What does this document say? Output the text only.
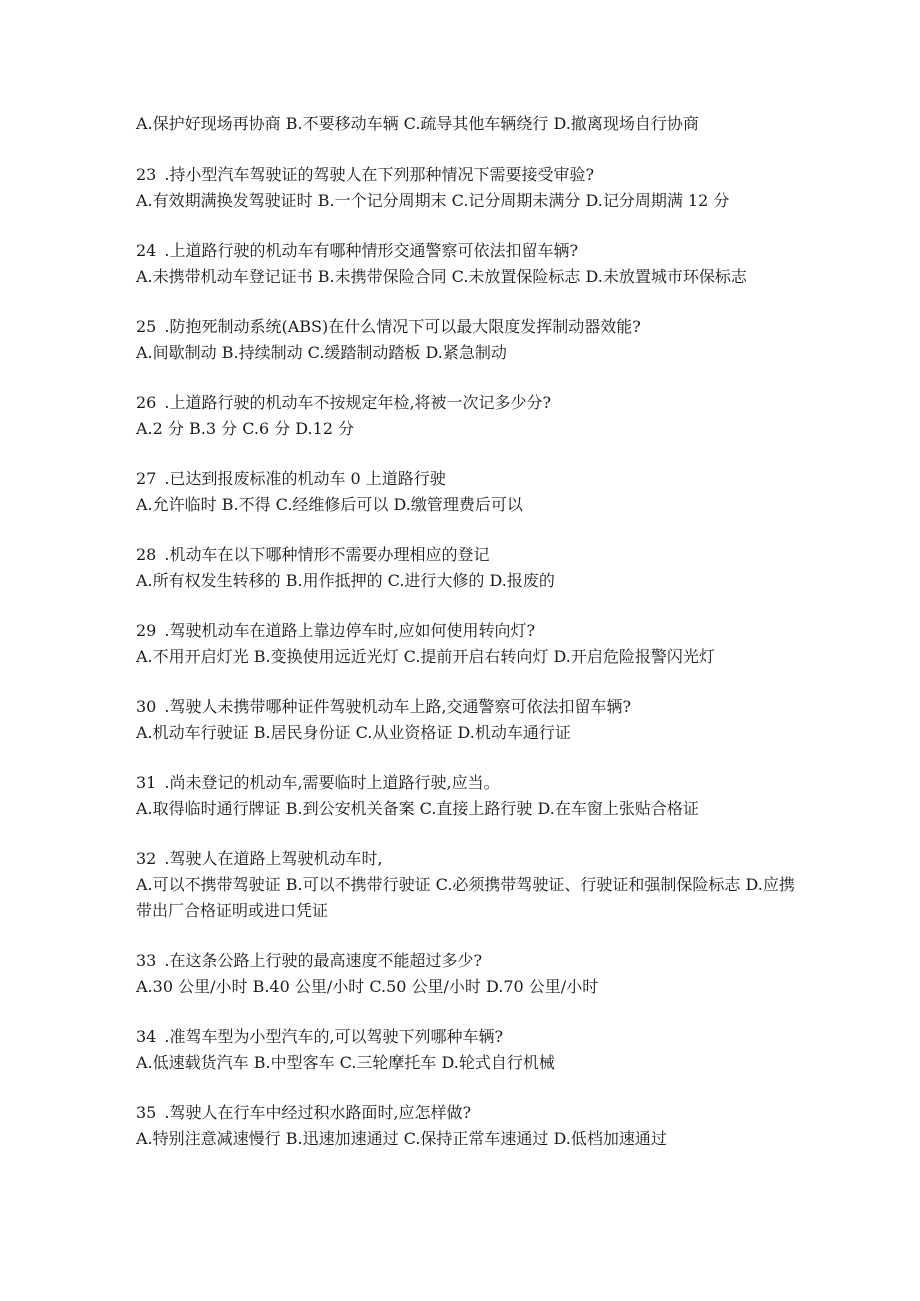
A.保护好现场再协商 B.不要移动车辆 C.疏导其他车辆绕行 D.撤离现场自行协商

23 .持小型汽车驾驶证的驾驶人在下列那种情况下需要接受审验?

A.有效期满换发驾驶证时 B.一个记分周期末 C.记分周期未满分 D.记分周期满 12 分

24 .上道路行驶的机动车有哪种情形交通警察可依法扣留车辆?

A.未携带机动车登记证书 B.未携带保险合同 C.未放置保险标志 D.未放置城市环保标志

25 .防抱死制动系统(ABS)在什么情况下可以最大限度发挥制动器效能?

A.间歇制动 B.持续制动 C.缓踏制动踏板 D.紧急制动

26 .上道路行驶的机动车不按规定年检,将被一次记多少分?

A.2 分 B.3 分 C.6 分 D.12 分

27 .已达到报废标准的机动车 0 上道路行驶

A.允许临时 B.不得 C.经维修后可以 D.缴管理费后可以

28 .机动车在以下哪种情形不需要办理相应的登记

A.所有权发生转移的 B.用作抵押的 C.进行大修的 D.报废的

29 .驾驶机动车在道路上靠边停车时,应如何使用转向灯?

A.不用开启灯光 B.变换使用远近光灯 C.提前开启右转向灯 D.开启危险报警闪光灯

30 .驾驶人未携带哪种证件驾驶机动车上路,交通警察可依法扣留车辆?

A.机动车行驶证 B.居民身份证 C.从业资格证 D.机动车通行证

31 .尚未登记的机动车,需要临时上道路行驶,应当。

A.取得临时通行牌证 B.到公安机关备案 C.直接上路行驶 D.在车窗上张贴合格证

32 .驾驶人在道路上驾驶机动车时,

A.可以不携带驾驶证 B.可以不携带行驶证 C.必须携带驾驶证、行驶证和强制保险标志 D.应携带出厂合格证明或进口凭证

33 .在这条公路上行驶的最高速度不能超过多少?

A.30 公里/小时 B.40 公里/小时 C.50 公里/小时 D.70 公里/小时

34 .准驾车型为小型汽车的,可以驾驶下列哪种车辆?

A.低速载货汽车 B.中型客车 C.三轮摩托车 D.轮式自行机械

35 .驾驶人在行车中经过积水路面时,应怎样做?

A.特别注意减速慢行 B.迅速加速通过 C.保持正常车速通过 D.低档加速通过
